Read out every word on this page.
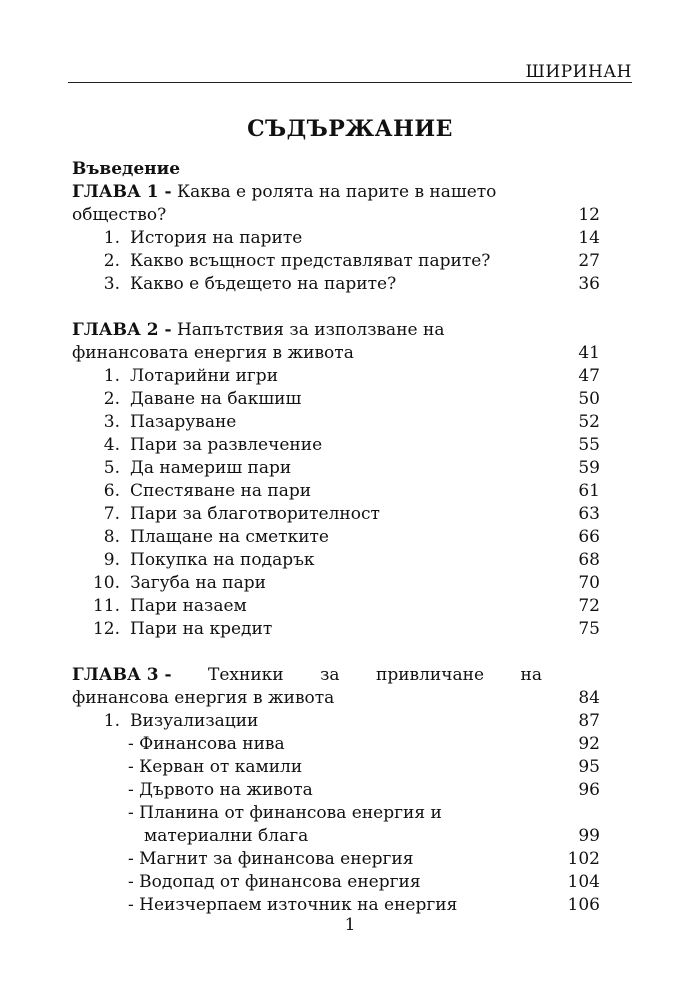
ШИРИНАН
СЪДЪРЖАНИЕ
Въведение
ГЛАВА 1 - Каква е ролята на парите в нашето
общество?	12
1. История на парите	14
2. Какво всъщност представляват парите?	27
3. Какво е бъдещето на парите?	36
ГЛАВА 2 - Напътствия за използване на
финансовата енергия в живота	41
1. Лотарийни игри	47
2. Даване на бакшиш	50
3. Пазаруване	52
4. Пари за развлечение	55
5. Да намериш пари	59
6. Спестяване на пари	61
7. Пари за благотворителност	63
8. Плащане на сметките	66
9. Покупка на подарък	68
10. Загуба на пари	70
11. Пари назаем	72
12. Пари на кредит	75
ГЛАВА 3 - Техники за привличане на
финансова енергия в живота	84
1. Визуализации	87
- Финансова нива	92
- Керван от камили	95
- Дървото на живота	96
- Планина от финансова енергия и
материални блага	99
- Магнит за финансова енергия	102
- Водопад от финансова енергия	104
- Неизчерпаем източник на енергия	106
1
